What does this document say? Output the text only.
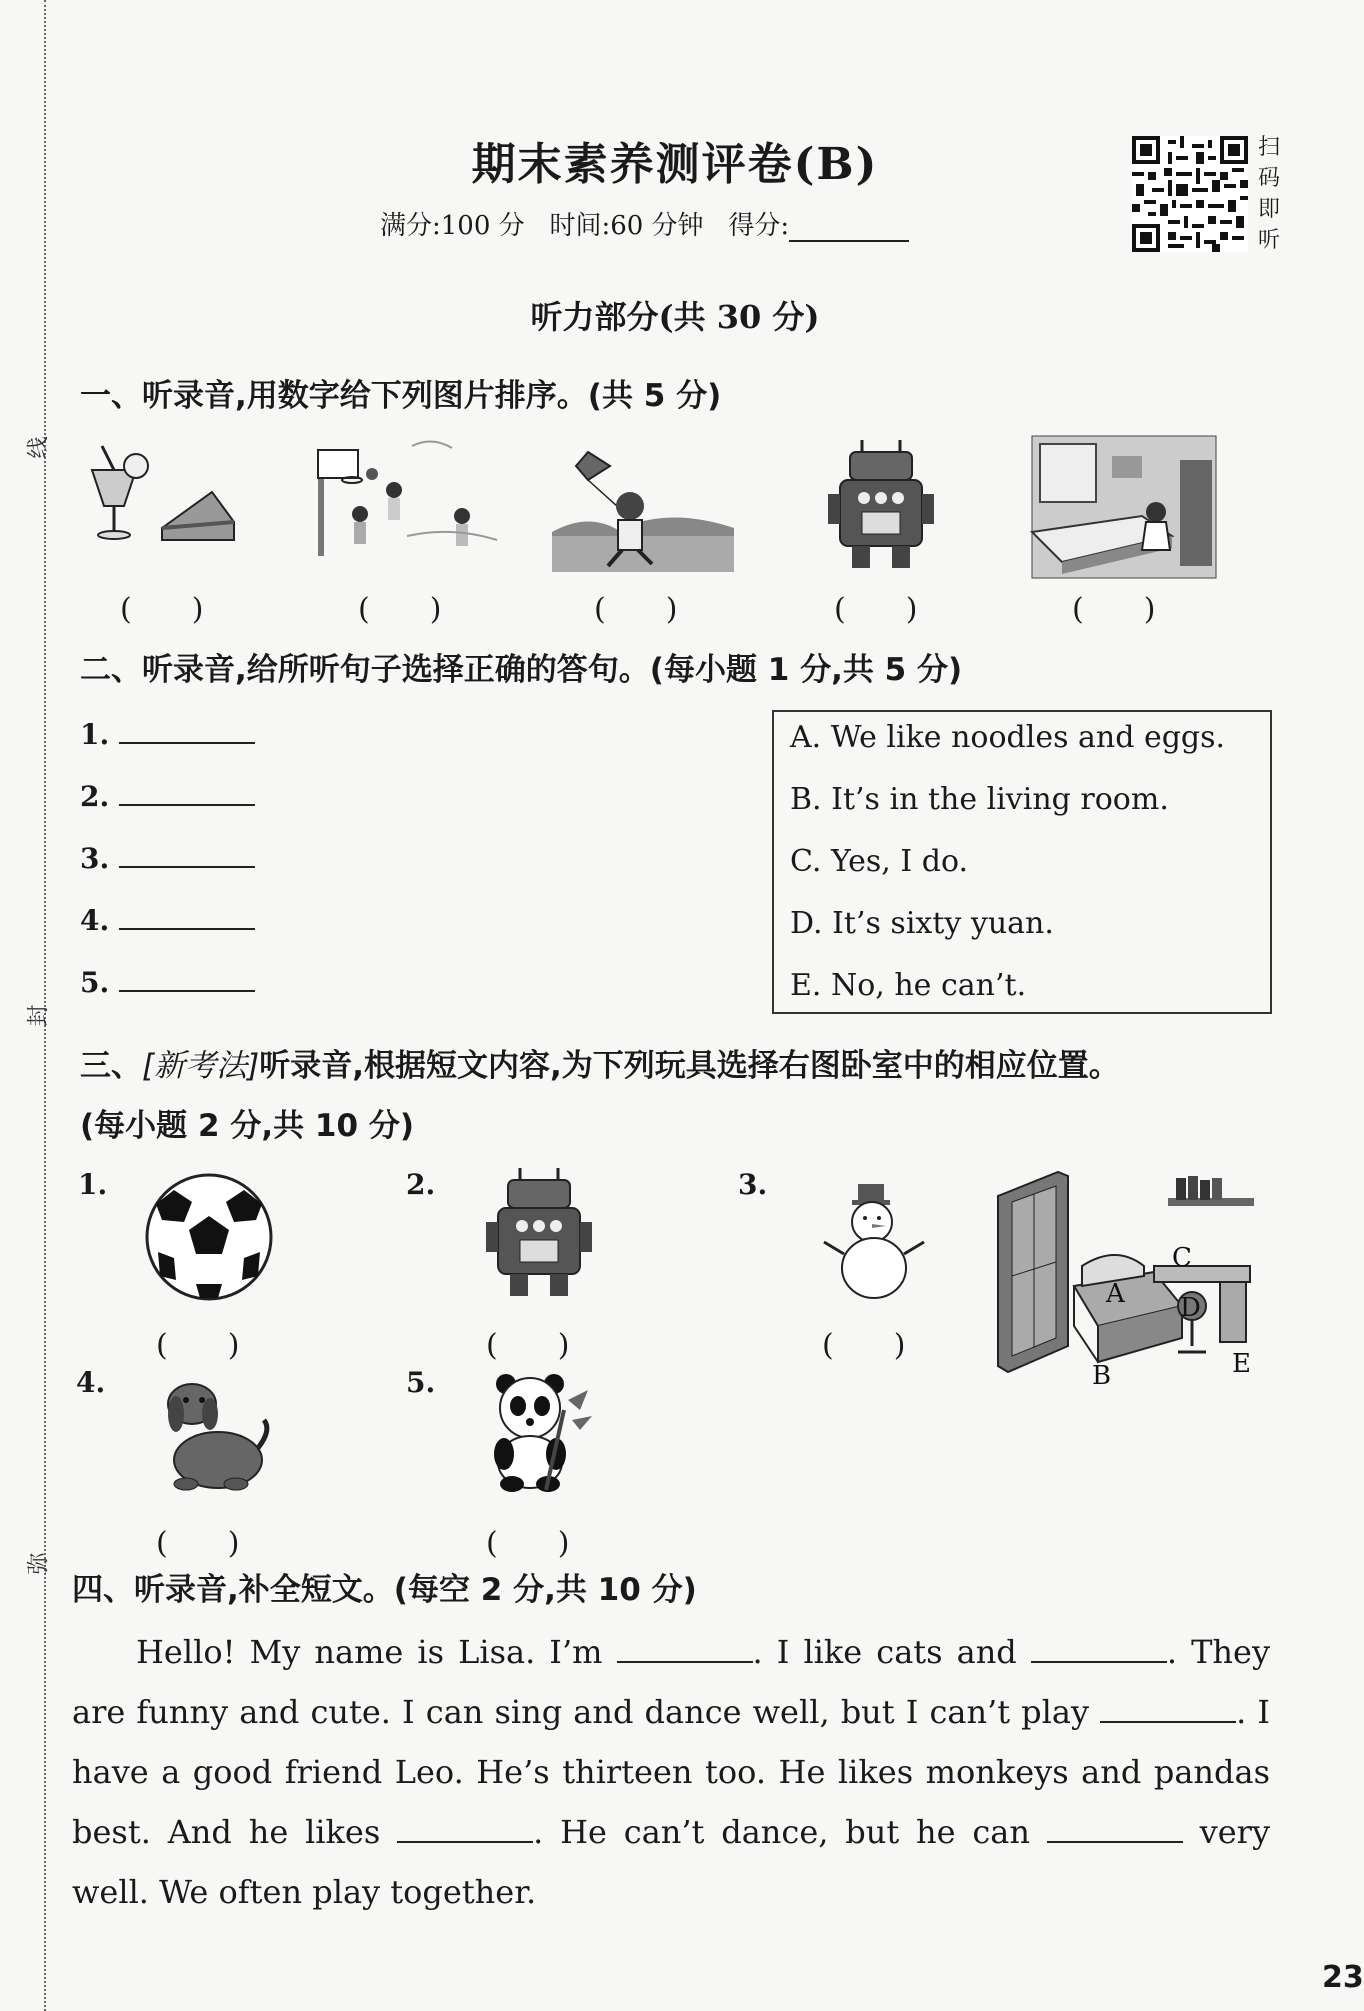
线
封
弥
期末素养测评卷(B)
满分:100 分 时间:60 分钟 得分:
扫码即听
听力部分(共 30 分)
一、听录音,用数字给下列图片排序。(共 5 分)
(　　)	(　　)	(　　)	(　　)	(　　)
二、听录音,给所听句子选择正确的答句。(每小题 1 分,共 5 分)
1.
2.
3.
4.
5.
A. We like noodles and eggs.
B. It’s in the living room.
C. Yes, I do.
D. It’s sixty yuan.
E. No, he can’t.
三、[新考法]听录音,根据短文内容,为下列玩具选择右图卧室中的相应位置。
(每小题 2 分,共 10 分)
1.
(　　)
2.
(　　)
3.
(　　)
A
B
C
D
E
4.
(　　)
5.
(　　)
四、听录音,补全短文。(每空 2 分,共 10 分)
Hello! My name is Lisa. I’m	. I like cats and	. They are funny and cute. I can sing and dance well, but I can’t play	. I have a good friend Leo. He’s thirteen too. He likes monkeys and pandas best. And he likes	. He can’t dance, but he can	very well. We often play together.
23
